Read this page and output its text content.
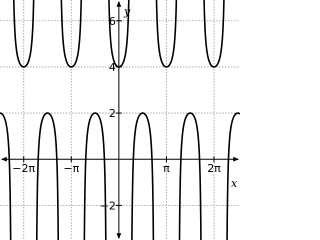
y
x
−2π	−π	π	2π
−2
2
4
6
